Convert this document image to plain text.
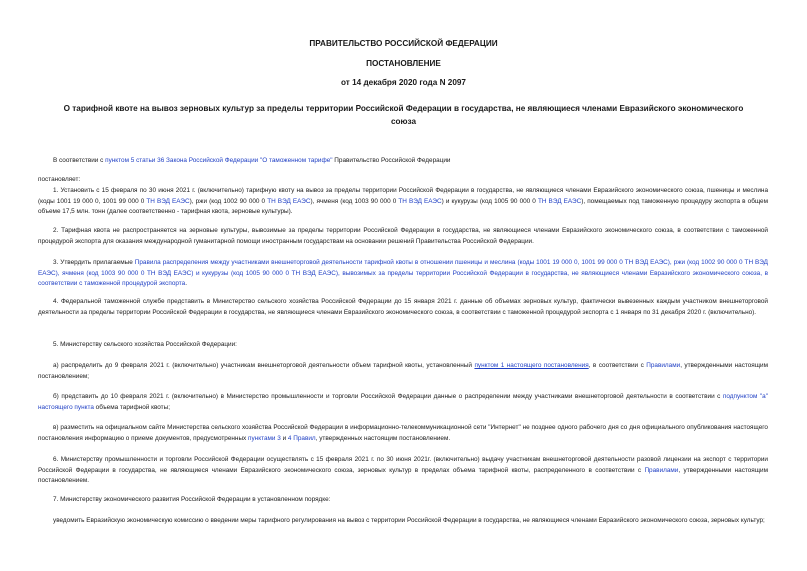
ПРАВИТЕЛЬСТВО РОССИЙСКОЙ ФЕДЕРАЦИИ
ПОСТАНОВЛЕНИЕ
от 14 декабря 2020 года N 2097
О тарифной квоте на вывоз зерновых культур за пределы территории Российской Федерации в государства, не являющиеся членами Евразийского экономического союза
В соответствии с пунктом 5 статьи 36 Закона Российской Федерации "О таможенном тарифе" Правительство Российской Федерации
постановляет:
1. Установить с 15 февраля по 30 июня 2021 г. (включительно) тарифную квоту на вывоз за пределы территории Российской Федерации в государства, не являющиеся членами Евразийского экономического союза, пшеницы и меслина (коды 1001 19 000 0, 1001 99 000 0 ТН ВЭД ЕАЭС), ржи (код 1002 90 000 0 ТН ВЭД ЕАЭС), ячменя (код 1003 90 000 0 ТН ВЭД ЕАЭС) и кукурузы (код 1005 90 000 0 ТН ВЭД ЕАЭС), помещаемых под таможенную процедуру экспорта в общем объеме 17,5 млн. тонн (далее соответственно - тарифная квота, зерновые культуры).
2. Тарифная квота не распространяется на зерновые культуры, вывозимые за пределы территории Российской Федерации в государства, не являющиеся членами Евразийского экономического союза, в соответствии с таможенной процедурой экспорта для оказания международной гуманитарной помощи иностранным государствам на основании решений Правительства Российской Федерации.
3. Утвердить прилагаемые Правила распределения между участниками внешнеторговой деятельности тарифной квоты в отношении пшеницы и меслина (коды 1001 19 000 0, 1001 99 000 0 ТН ВЭД ЕАЭС), ржи (код 1002 90 000 0 ТН ВЭД ЕАЭС), ячменя (код 1003 90 000 0 ТН ВЭД ЕАЭС) и кукурузы (код 1005 90 000 0 ТН ВЭД ЕАЭС), вывозимых за пределы территории Российской Федерации в государства, не являющиеся членами Евразийского экономического союза, в соответствии с таможенной процедурой экспорта.
4. Федеральной таможенной службе представить в Министерство сельского хозяйства Российской Федерации до 15 января 2021 г. данные об объемах зерновых культур, фактически вывезенных каждым участником внешнеторговой деятельности за пределы территории Российской Федерации в государства, не являющиеся членами Евразийского экономического союза, в соответствии с таможенной процедурой экспорта с 1 января по 31 декабря 2020 г. (включительно).
5. Министерству сельского хозяйства Российской Федерации:
а) распределить до 9 февраля 2021 г. (включительно) участникам внешнеторговой деятельности объем тарифной квоты, установленный пунктом 1 настоящего постановления, в соответствии с Правилами, утвержденными настоящим постановлением;
б) представить до 10 февраля 2021 г. (включительно) в Министерство промышленности и торговли Российской Федерации данные о распределении между участниками внешнеторговой деятельности в соответствии с подпунктом "а" настоящего пункта объема тарифной квоты;
в) разместить на официальном сайте Министерства сельского хозяйства Российской Федерации в информационно-телекоммуникационной сети "Интернет" не позднее одного рабочего дня со дня официального опубликования настоящего постановления информацию о приеме документов, предусмотренных пунктами 3 и 4 Правил, утвержденных настоящим постановлением.
6. Министерству промышленности и торговли Российской Федерации осуществлять с 15 февраля 2021 г. по 30 июня 2021г. (включительно) выдачу участникам внешнеторговой деятельности разовой лицензии на экспорт с территории Российской Федерации в государства, не являющиеся членами Евразийского экономического союза, зерновых культур в пределах объема тарифной квоты, распределенного в соответствии с Правилами, утвержденными настоящим постановлением.
7. Министерству экономического развития Российской Федерации в установленном порядке:
уведомить Евразийскую экономическую комиссию о введении меры тарифного регулирования на вывоз с территории Российской Федерации в государства, не являющиеся членами Евразийского экономического союза, зерновых культур;
